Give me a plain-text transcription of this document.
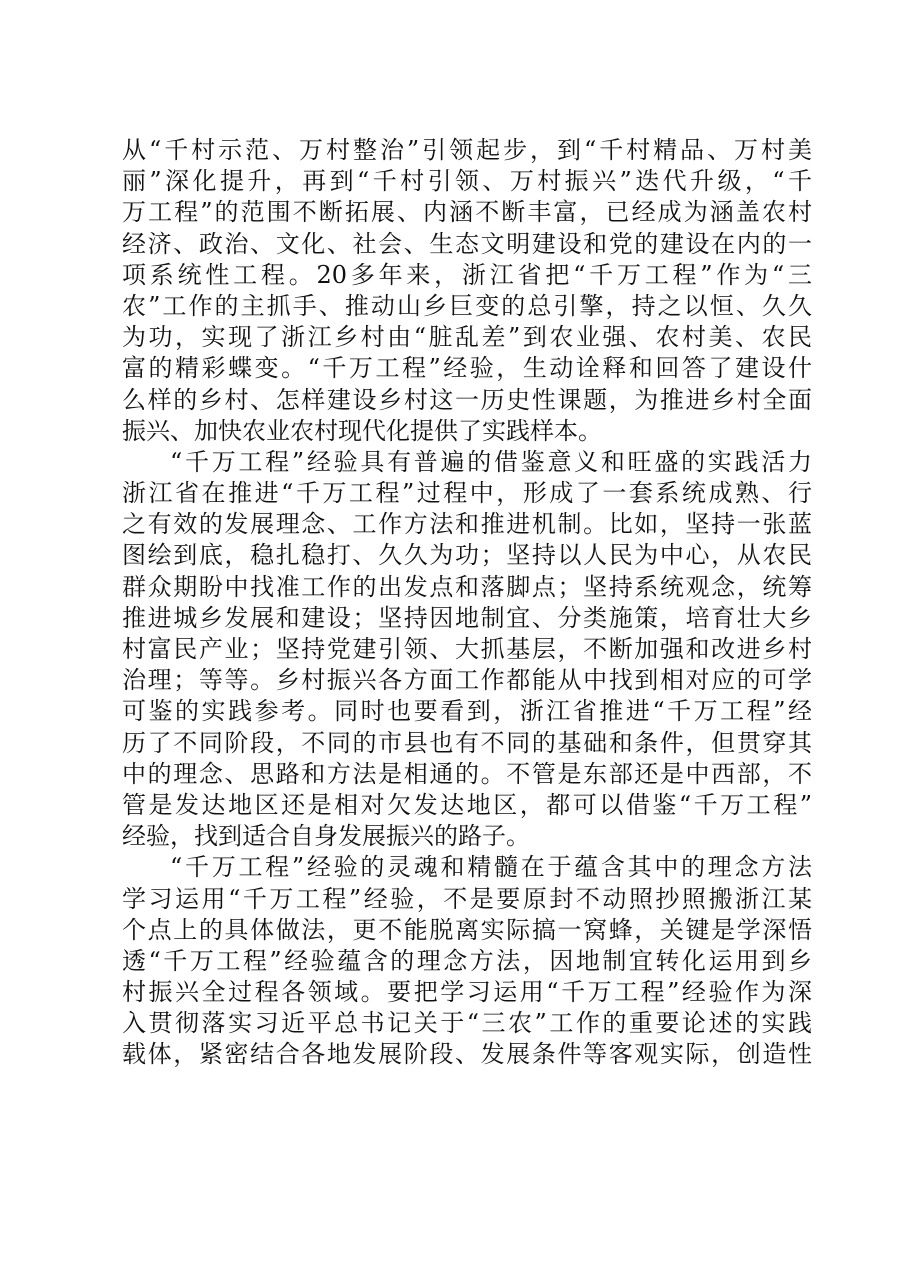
从“千村示范、万村整治”引领起步，到“千村精品、万村美
丽”深化提升，再到“千村引领、万村振兴”迭代升级，“千
万工程”的范围不断拓展、内涵不断丰富，已经成为涵盖农村
经济、政治、文化、社会、生态文明建设和党的建设在内的一
项系统性工程。20多年来，浙江省把“千万工程”作为“三
农”工作的主抓手、推动山乡巨变的总引擎，持之以恒、久久
为功，实现了浙江乡村由“脏乱差”到农业强、农村美、农民
富的精彩蝶变。“千万工程”经验，生动诠释和回答了建设什
么样的乡村、怎样建设乡村这一历史性课题，为推进乡村全面
振兴、加快农业农村现代化提供了实践样本。
“千万工程”经验具有普遍的借鉴意义和旺盛的实践活力
浙江省在推进“千万工程”过程中，形成了一套系统成熟、行
之有效的发展理念、工作方法和推进机制。比如，坚持一张蓝
图绘到底，稳扎稳打、久久为功；坚持以人民为中心，从农民
群众期盼中找准工作的出发点和落脚点；坚持系统观念，统筹
推进城乡发展和建设；坚持因地制宜、分类施策，培育壮大乡
村富民产业；坚持党建引领、大抓基层，不断加强和改进乡村
治理；等等。乡村振兴各方面工作都能从中找到相对应的可学
可鉴的实践参考。同时也要看到，浙江省推进“千万工程”经
历了不同阶段，不同的市县也有不同的基础和条件，但贯穿其
中的理念、思路和方法是相通的。不管是东部还是中西部，不
管是发达地区还是相对欠发达地区，都可以借鉴“千万工程”
经验，找到适合自身发展振兴的路子。
“千万工程”经验的灵魂和精髓在于蕴含其中的理念方法
学习运用“千万工程”经验，不是要原封不动照抄照搬浙江某
个点上的具体做法，更不能脱离实际搞一窝蜂，关键是学深悟
透“千万工程”经验蕴含的理念方法，因地制宜转化运用到乡
村振兴全过程各领域。要把学习运用“千万工程”经验作为深
入贯彻落实习近平总书记关于“三农”工作的重要论述的实践
载体，紧密结合各地发展阶段、发展条件等客观实际，创造性
